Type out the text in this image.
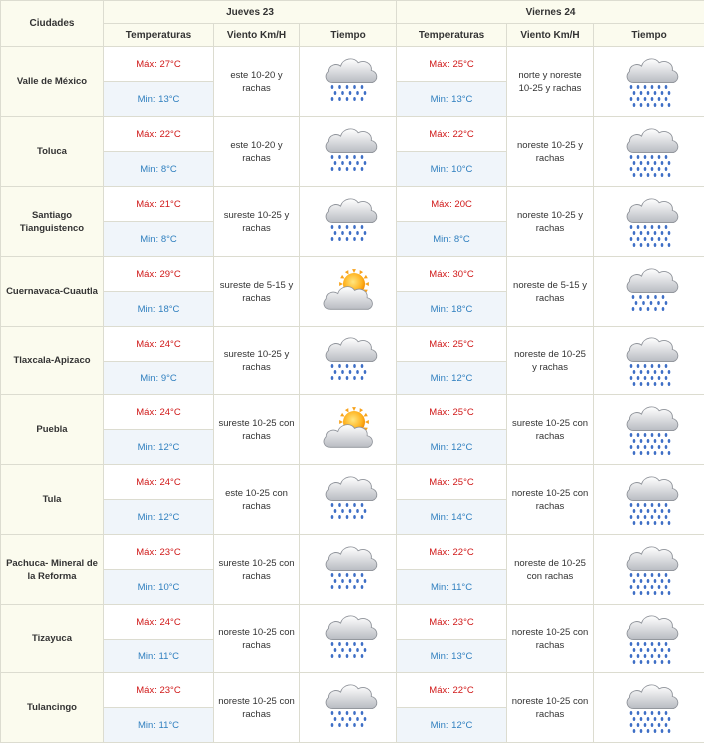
Ciudades	Jueves 23			Viernes 24		
	Temperaturas	Viento Km/H	Tiempo	Temperaturas	Viento Km/H	Tiempo
Valle de México	Máx: 27°C	este 10-20 y rachas		Máx: 25°C	norte y noreste 10-25 y rachas	

	Min: 13°C			Min: 13°C		
Toluca	Máx: 22°C	este 10-20 y rachas		Máx: 22°C	noreste 10-25 y rachas	

	Min: 8°C			Min: 10°C		
Santiago Tianguistenco	Máx: 21°C	sureste 10-25 y rachas		Máx: 20C	noreste 10-25 y rachas	

	Min: 8°C			Min: 8°C		
Cuernavaca-Cuautla	Máx: 29°C	sureste de 5-15 y rachas		Máx: 30°C	noreste de 5-15 y rachas	

	Min: 18°C			Min: 18°C		
Tlaxcala-Apizaco	Máx: 24°C	sureste 10-25 y rachas		Máx: 25°C	noreste de 10-25 y rachas	

	Min: 9°C			Min: 12°C		
Puebla	Máx: 24°C	sureste 10-25 con rachas		Máx: 25°C	sureste 10-25 con rachas	

	Min: 12°C			Min: 12°C		
Tula	Máx: 24°C	este 10-25 con rachas		Máx: 25°C	noreste 10-25 con rachas	

	Min: 12°C			Min: 14°C		
Pachuca- Mineral de la Reforma	Máx: 23°C	sureste 10-25 con rachas		Máx: 22°C	noreste de 10-25 con rachas	

	Min: 10°C			Min: 11°C		
Tizayuca	Máx: 24°C	noreste 10-25 con rachas		Máx: 23°C	noreste 10-25 con rachas	

	Min: 11°C			Min: 13°C		
Tulancingo	Máx: 23°C	noreste 10-25 con rachas		Máx: 22°C	noreste 10-25 con rachas	

	Min: 11°C			Min: 12°C		
